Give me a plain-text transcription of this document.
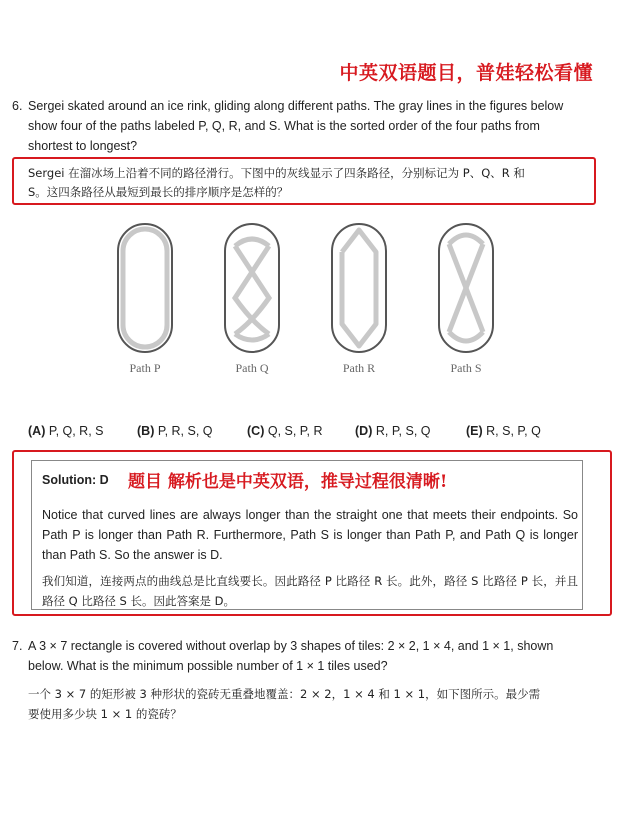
中英双语题目，普娃轻松看懂
6. Sergei skated around an ice rink, gliding along different paths. The gray lines in the figures below
show four of the paths labeled P, Q, R, and S. What is the sorted order of the four paths from
shortest to longest?
Sergei 在溜冰场上沿着不同的路径滑行。下图中的灰线显示了四条路径，分别标记为 P、Q、R 和
S。这四条路径从最短到最长的排序顺序是怎样的？
Path P	Path Q	Path R	Path S
(A) P, Q, R, S	(B) P, R, S, Q	(C) Q, S, P, R	(D) R, P, S, Q	(E) R, S, P, Q
Solution: D 题目 解析也是中英双语，推导过程很清晰!
Notice that curved lines are always longer than the straight one that meets their endpoints. So Path P is longer than Path R. Furthermore, Path S is longer than Path P, and Path Q is longer than Path S. So the answer is D.
我们知道，连接两点的曲线总是比直线要长。因此路径 P 比路径 R 长。此外，路径 S 比路径 P 长，并且路径 Q 比路径 S 长。因此答案是 D。
7. A 3 × 7 rectangle is covered without overlap by 3 shapes of tiles: 2 × 2, 1 × 4, and 1 × 1, shown
below. What is the minimum possible number of 1 × 1 tiles used?
一个 3 × 7 的矩形被 3 种形状的瓷砖无重叠地覆盖：2 × 2，1 × 4 和 1 × 1，如下图所示。最少需
要使用多少块 1 × 1 的瓷砖？
